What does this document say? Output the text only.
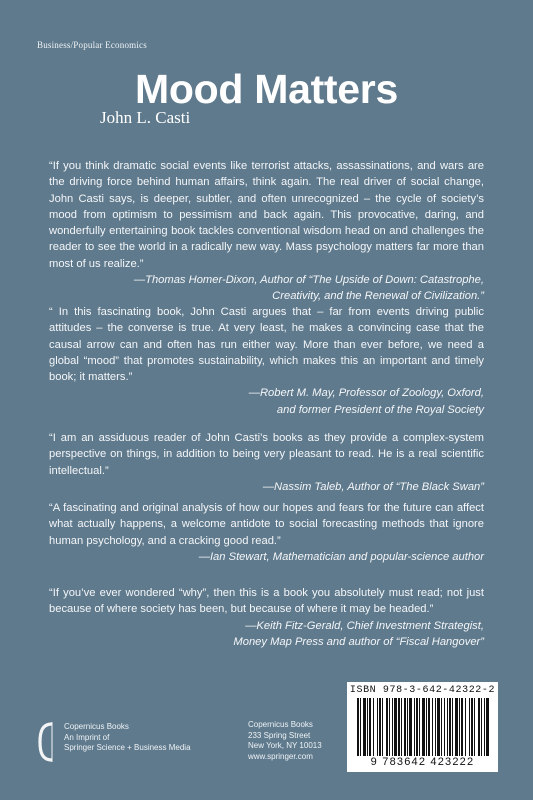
Business/Popular Economics
Mood Matters
John L. Casti

“If you think dramatic social events like terrorist attacks, assassinations, and wars are the driving force behind human affairs, think again. The real driver of social change, John Casti says, is deeper, subtler, and often unrecognized – the cycle of society’s mood from optimism to pessimism and back again. This provocative, daring, and wonderfully entertaining book tackles conventional wisdom head on and challenges the reader to see the world in a radically new way. Mass psychology matters far more than most of us realize.”

—Thomas Homer-Dixon, Author of “The Upside of Down: Catastrophe,
Creativity, and the Renewal of Civilization.”

“ In this fascinating book, John Casti argues that – far from events driving public attitudes – the converse is true. At very least, he makes a convincing case that the causal arrow can and often has run either way. More than ever before, we need a global “mood” that promotes sustainability, which makes this an important and timely book; it matters.”

—Robert M. May, Professor of Zoology, Oxford,
and former President of the Royal Society

“I am an assiduous reader of John Casti’s books as they provide a complex-system perspective on things, in addition to being very pleasant to read. He is a real scientific intellectual.”

—Nassim Taleb, Author of “The Black Swan”

“A fascinating and original analysis of how our hopes and fears for the future can affect what actually happens, a welcome antidote to social forecasting methods that ignore human psychology, and a cracking good read.”

—Ian Stewart, Mathematician and popular-science author

“If you’ve ever wondered “why”, then this is a book you absolutely must read; not just because of where society has been, but because of where it may be headed.”

—Keith Fitz-Gerald, Chief Investment Strategist,
Money Map Press and author of “Fiscal Hangover”
Copernicus Books
An Imprint of
Springer Science + Business Media
Copernicus Books
233 Spring Street
New York, NY 10013
www.springer.com
ISBN 978-3-642-42322-2
9 783642 423222
